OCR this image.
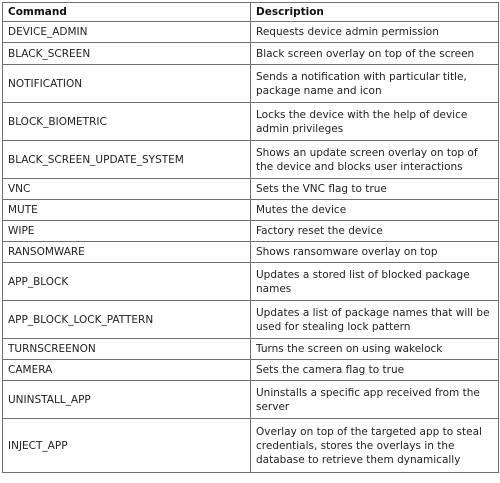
Command	Description
DEVICE_ADMIN	Requests device admin permission
BLACK_SCREEN	Black screen overlay on top of the screen
NOTIFICATION	Sends a notification with particular title, package name and icon
BLOCK_BIOMETRIC	Locks the device with the help of device admin privileges
BLACK_SCREEN_UPDATE_SYSTEM	Shows an update screen overlay on top of the device and blocks user interactions
VNC	Sets the VNC flag to true
MUTE	Mutes the device
WIPE	Factory reset the device
RANSOMWARE	Shows ransomware overlay on top
APP_BLOCK	Updates a stored list of blocked package names
APP_BLOCK_LOCK_PATTERN	Updates a list of package names that will be used for stealing lock pattern
TURNSCREENON	Turns the screen on using wakelock
CAMERA	Sets the camera flag to true
UNINSTALL_APP	Uninstalls a specific app received from the server
INJECT_APP	Overlay on top of the targeted app to steal credentials, stores the overlays in the database to retrieve them dynamically
